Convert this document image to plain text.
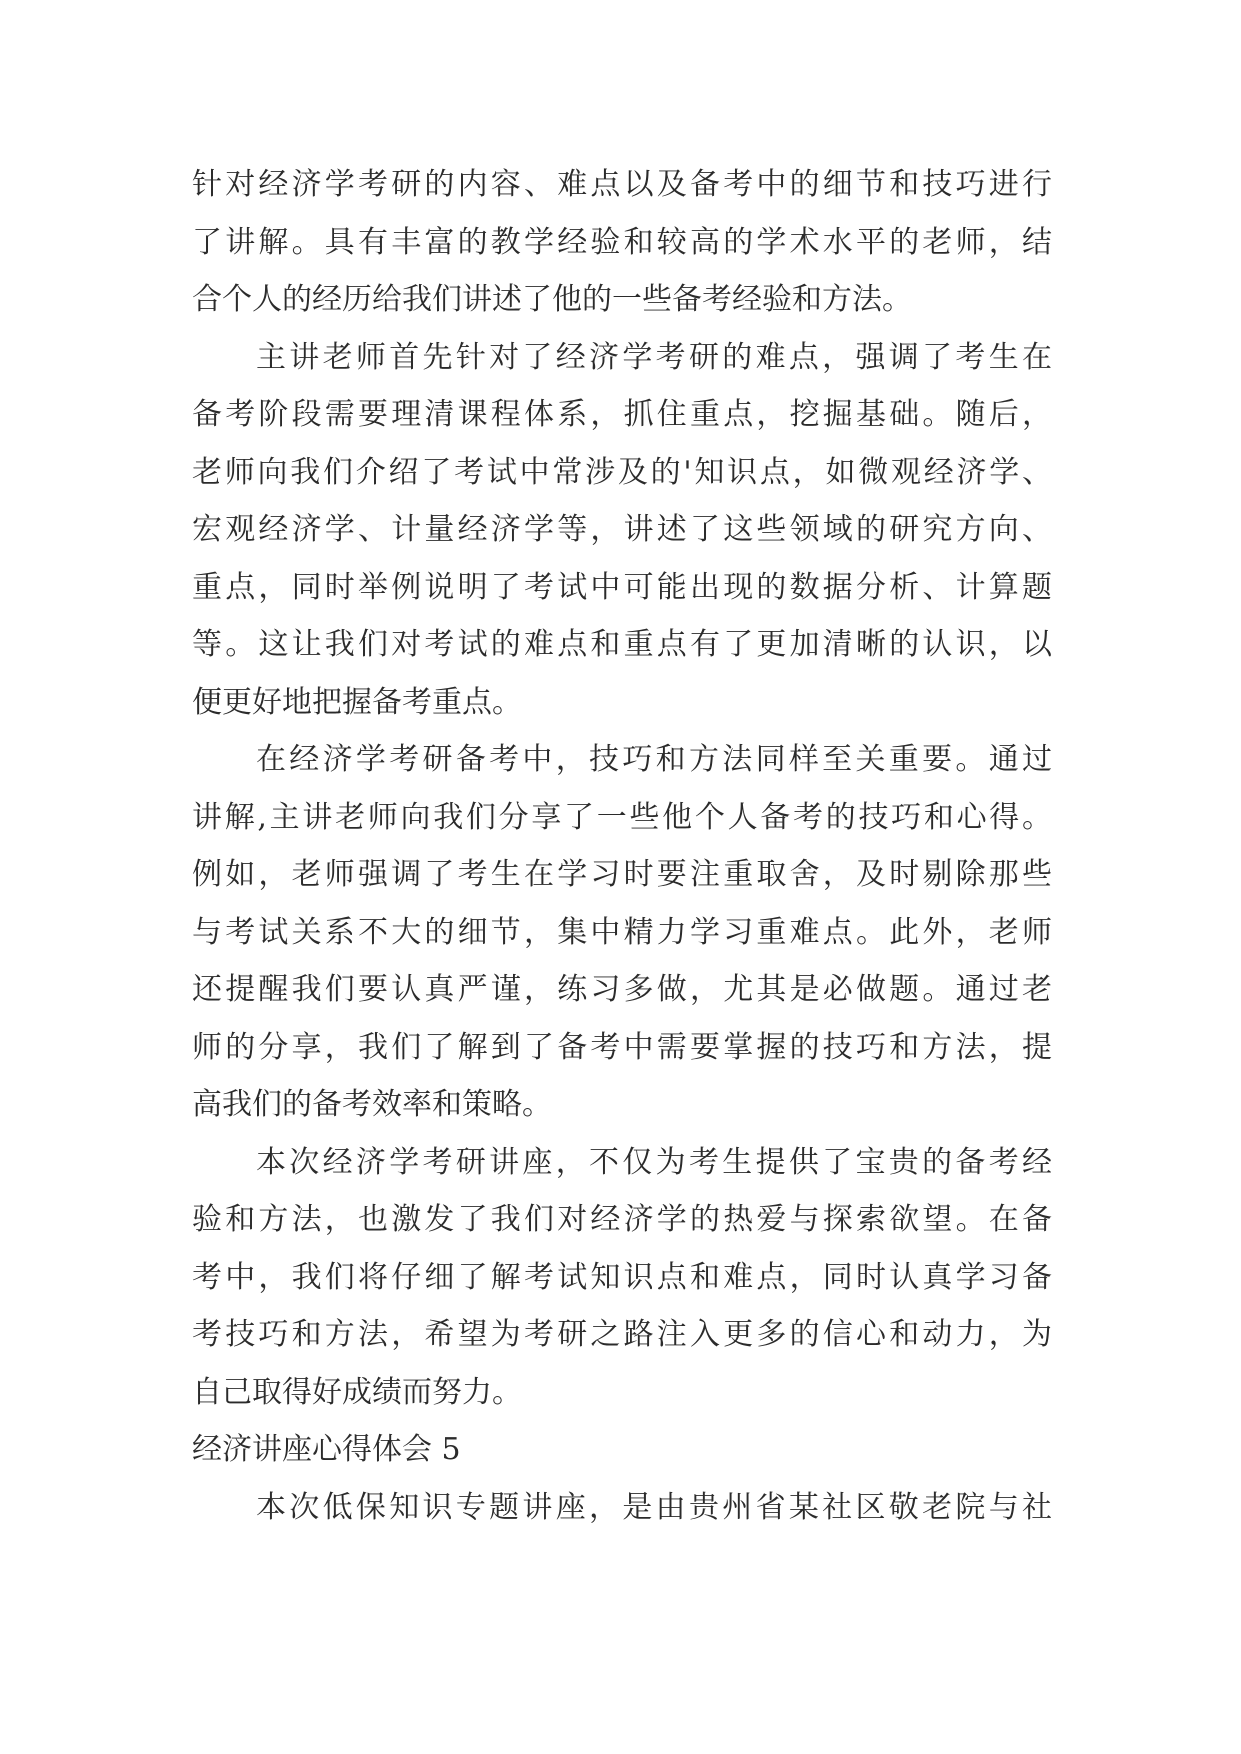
针对经济学考研的内容、难点以及备考中的细节和技巧进行
了讲解。具有丰富的教学经验和较高的学术水平的老师，结
合个人的经历给我们讲述了他的一些备考经验和方法。
主讲老师首先针对了经济学考研的难点，强调了考生在
备考阶段需要理清课程体系，抓住重点，挖掘基础。随后，
老师向我们介绍了考试中常涉及的'知识点，如微观经济学、
宏观经济学、计量经济学等，讲述了这些领域的研究方向、
重点，同时举例说明了考试中可能出现的数据分析、计算题
等。这让我们对考试的难点和重点有了更加清晰的认识，以
便更好地把握备考重点。
在经济学考研备考中，技巧和方法同样至关重要。通过
讲解,主讲老师向我们分享了一些他个人备考的技巧和心得。
例如，老师强调了考生在学习时要注重取舍，及时剔除那些
与考试关系不大的细节，集中精力学习重难点。此外，老师
还提醒我们要认真严谨，练习多做，尤其是必做题。通过老
师的分享，我们了解到了备考中需要掌握的技巧和方法，提
高我们的备考效率和策略。
本次经济学考研讲座，不仅为考生提供了宝贵的备考经
验和方法，也激发了我们对经济学的热爱与探索欲望。在备
考中，我们将仔细了解考试知识点和难点，同时认真学习备
考技巧和方法，希望为考研之路注入更多的信心和动力，为
自己取得好成绩而努力。
经济讲座心得体会 5
本次低保知识专题讲座，是由贵州省某社区敬老院与社
